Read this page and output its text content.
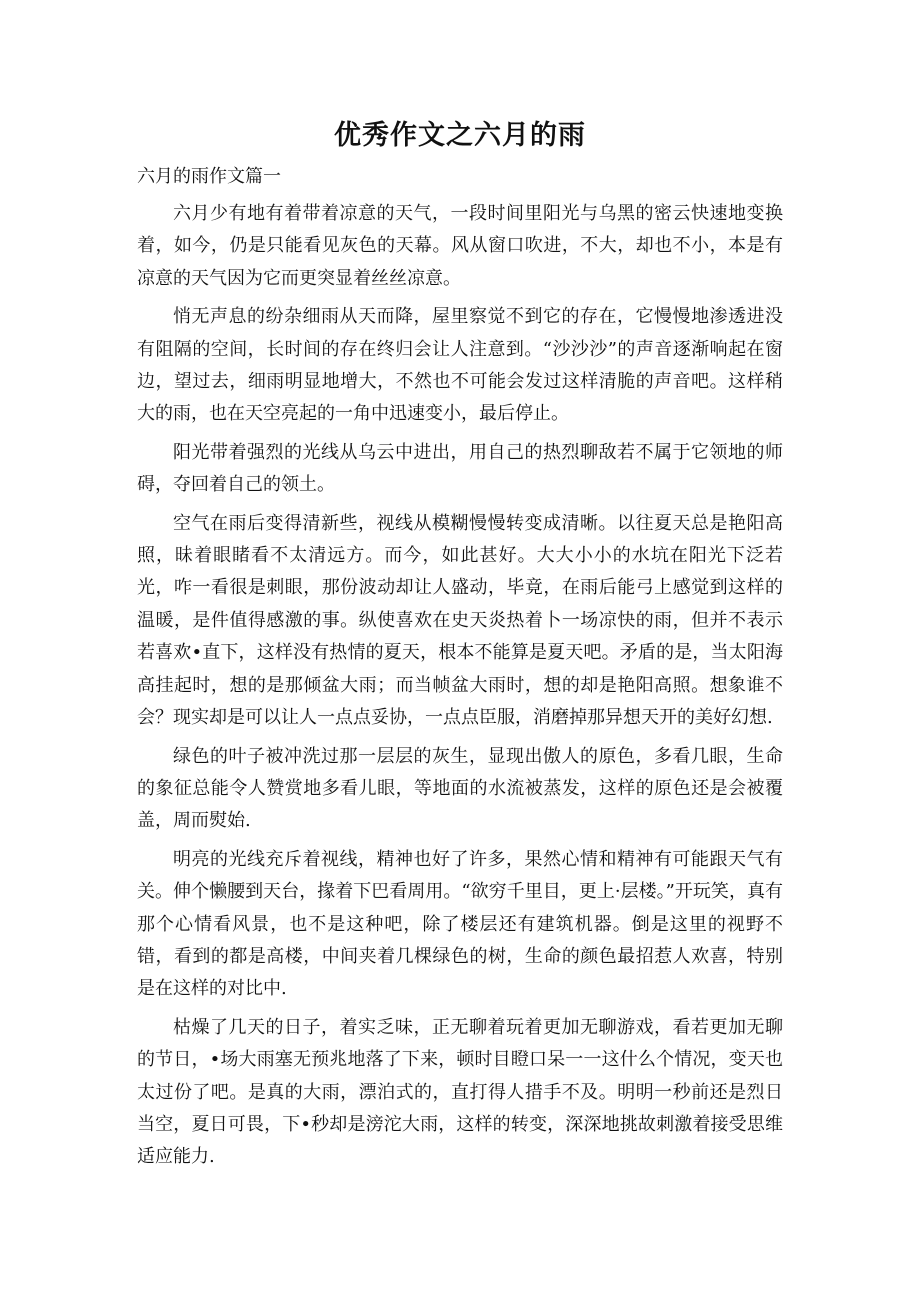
优秀作文之六月的雨
六月的雨作文篇一

六月少有地有着带着凉意的天气，一段时间里阳光与乌黑的密云快速地变换着，如今，仍是只能看见灰色的天幕。风从窗口吹进，不大，却也不小，本是有凉意的天气因为它而更突显着丝丝凉意。

悄无声息的纷杂细雨从天而降，屋里察觉不到它的存在，它慢慢地渗透进没有阻隔的空间，长时间的存在终归会让人注意到。“沙沙沙”的声音逐渐响起在窗边，望过去，细雨明显地增大，不然也不可能会发过这样清脆的声音吧。这样稍大的雨，也在天空亮起的一角中迅速变小，最后停止。

阳光带着强烈的光线从乌云中进出，用自己的热烈聊敌若不属于它领地的师碍，夺回着自己的领土。

空气在雨后变得清新些，视线从模糊慢慢转变成清晰。以往夏天总是艳阳高照，昧着眼睹看不太清远方。而今，如此甚好。大大小小的水坑在阳光下泛若光，咋一看很是刺眼，那份波动却让人盛动，毕竟，在雨后能弓上感觉到这样的温暖，是件值得感激的事。纵使喜欢在史天炎热着卜一场凉快的雨，但并不表示若喜欢•直下，这样没有热情的夏天，根本不能算是夏天吧。矛盾的是，当太阳海高挂起时，想的是那倾盆大雨；而当帧盆大雨时，想的却是艳阳高照。想象谁不会？现实却是可以让人一点点妥协，一点点臣服，消磨掉那异想天开的美好幻想.

绿色的叶子被冲洗过那一层层的灰生，显现出傲人的原色，多看几眼，生命的象征总能令人赞赏地多看儿眼，等地面的水流被蒸发，这样的原色还是会被覆盖，周而熨始.

明亮的光线充斥着视线，精神也好了许多，果然心情和精神有可能跟天气有关。伸个懒腰到天台，掾着下巴看周用。“欲穷千里目，更上·层楼。”开玩笑，真有那个心情看风景，也不是这种吧，除了楼层还有建筑机器。倒是这里的视野不错，看到的都是高楼，中间夹着几棵绿色的树，生命的颜色最招惹人欢喜，特别是在这样的对比中.

枯燥了几天的日子，着实乏味，正无聊着玩着更加无聊游戏，看若更加无聊的节日，•场大雨塞无预兆地落了下来，顿时目瞪口呆一一这什么个情况，变天也太过份了吧。是真的大雨，漂泊式的，直打得人措手不及。明明一秒前还是烈日当空，夏日可畏，下•秒却是滂沱大雨，这样的转变，深深地挑故刺激着接受思维适应能力.
